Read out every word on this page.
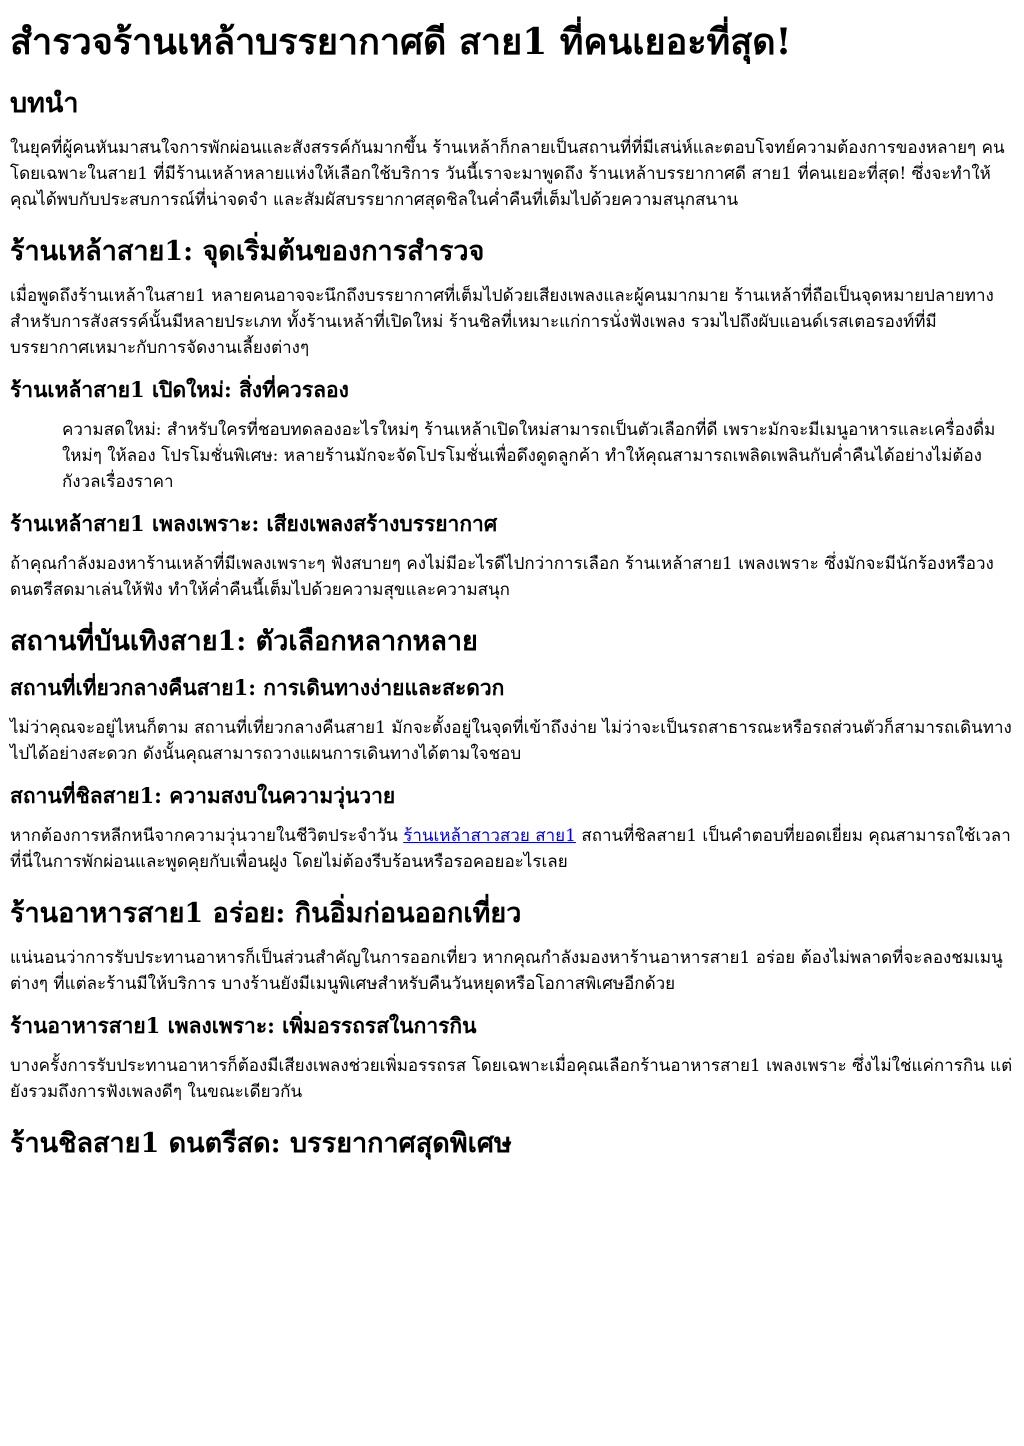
สำรวจร้านเหล้าบรรยากาศดี สาย1 ที่คนเยอะที่สุด!
บทนำ

ในยุคที่ผู้คนหันมาสนใจการพักผ่อนและสังสรรค์กันมากขึ้น ร้านเหล้าก็กลายเป็นสถานที่ที่มีเสน่ห์และตอบโจทย์ความต้องการของหลายๆ คน โดยเฉพาะในสาย1 ที่มีร้านเหล้าหลายแห่งให้เลือกใช้บริการ วันนี้เราจะมาพูดถึง ร้านเหล้าบรรยากาศดี สาย1 ที่คนเยอะที่สุด! ซึ่งจะทำให้คุณได้พบกับประสบการณ์ที่น่าจดจำ และสัมผัสบรรยากาศสุดชิลในค่ำคืนที่เต็มไปด้วยความสนุกสนาน

ร้านเหล้าสาย1: จุดเริ่มต้นของการสำรวจ

เมื่อพูดถึงร้านเหล้าในสาย1 หลายคนอาจจะนึกถึงบรรยากาศที่เต็มไปด้วยเสียงเพลงและผู้คนมากมาย ร้านเหล้าที่ถือเป็นจุดหมายปลายทางสำหรับการสังสรรค์นั้นมีหลายประเภท ทั้งร้านเหล้าที่เปิดใหม่ ร้านชิลที่เหมาะแก่การนั่งฟังเพลง รวมไปถึงผับแอนด์เรสเตอรองท์ที่มีบรรยากาศเหมาะกับการจัดงานเลี้ยงต่างๆ

ร้านเหล้าสาย1 เปิดใหม่: สิ่งที่ควรลอง
ความสดใหม่: สำหรับใครที่ชอบทดลองอะไรใหม่ๆ ร้านเหล้าเปิดใหม่สามารถเป็นตัวเลือกที่ดี เพราะมักจะมีเมนูอาหารและเครื่องดื่มใหม่ๆ ให้ลอง โปรโมชั่นพิเศษ: หลายร้านมักจะจัดโปรโมชั่นเพื่อดึงดูดลูกค้า ทำให้คุณสามารถเพลิดเพลินกับค่ำคืนได้อย่างไม่ต้องกังวลเรื่องราคา
ร้านเหล้าสาย1 เพลงเพราะ: เสียงเพลงสร้างบรรยากาศ

ถ้าคุณกำลังมองหาร้านเหล้าที่มีเพลงเพราะๆ ฟังสบายๆ คงไม่มีอะไรดีไปกว่าการเลือก ร้านเหล้าสาย1 เพลงเพราะ ซึ่งมักจะมีนักร้องหรือวงดนตรีสดมาเล่นให้ฟัง ทำให้ค่ำคืนนี้เต็มไปด้วยความสุขและความสนุก

สถานที่บันเทิงสาย1: ตัวเลือกหลากหลาย
สถานที่เที่ยวกลางคืนสาย1: การเดินทางง่ายและสะดวก

ไม่ว่าคุณจะอยู่ไหนก็ตาม สถานที่เที่ยวกลางคืนสาย1 มักจะตั้งอยู่ในจุดที่เข้าถึงง่าย ไม่ว่าจะเป็นรถสาธารณะหรือรถส่วนตัวก็สามารถเดินทางไปได้อย่างสะดวก ดังนั้นคุณสามารถวางแผนการเดินทางได้ตามใจชอบ

สถานที่ชิลสาย1: ความสงบในความวุ่นวาย

หากต้องการหลีกหนีจากความวุ่นวายในชีวิตประจำวัน ร้านเหล้าสาวสวย สาย1 สถานที่ชิลสาย1 เป็นคำตอบที่ยอดเยี่ยม คุณสามารถใช้เวลาที่นี่ในการพักผ่อนและพูดคุยกับเพื่อนฝูง โดยไม่ต้องรีบร้อนหรือรอคอยอะไรเลย

ร้านอาหารสาย1 อร่อย: กินอิ่มก่อนออกเที่ยว

แน่นอนว่าการรับประทานอาหารก็เป็นส่วนสำคัญในการออกเที่ยว หากคุณกำลังมองหาร้านอาหารสาย1 อร่อย ต้องไม่พลาดที่จะลองชมเมนูต่างๆ ที่แต่ละร้านมีให้บริการ บางร้านยังมีเมนูพิเศษสำหรับคืนวันหยุดหรือโอกาสพิเศษอีกด้วย

ร้านอาหารสาย1 เพลงเพราะ: เพิ่มอรรถรสในการกิน

บางครั้งการรับประทานอาหารก็ต้องมีเสียงเพลงช่วยเพิ่มอรรถรส โดยเฉพาะเมื่อคุณเลือกร้านอาหารสาย1 เพลงเพราะ ซึ่งไม่ใช่แค่การกิน แต่ยังรวมถึงการฟังเพลงดีๆ ในขณะเดียวกัน

ร้านชิลสาย1 ดนตรีสด: บรรยากาศสุดพิเศษ
